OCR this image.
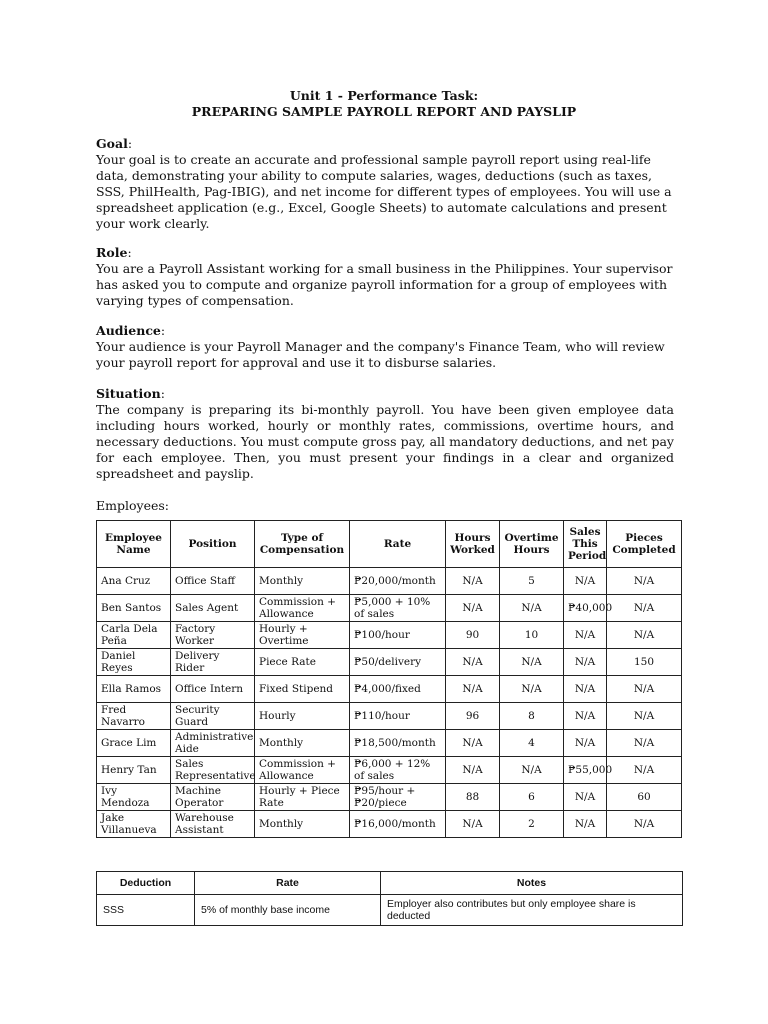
Unit 1 - Performance Task:
PREPARING SAMPLE PAYROLL REPORT AND PAYSLIP
Goal:

Your goal is to create an accurate and professional sample payroll report using real-life data, demonstrating your ability to compute salaries, wages, deductions (such as taxes, SSS, PhilHealth, Pag-IBIG), and net income for different types of employees. You will use a spreadsheet application (e.g., Excel, Google Sheets) to automate calculations and present your work clearly.

Role:

You are a Payroll Assistant working for a small business in the Philippines. Your supervisor has asked you to compute and organize payroll information for a group of employees with varying types of compensation.

Audience:

Your audience is your Payroll Manager and the company's Finance Team, who will review your payroll report for approval and use it to disburse salaries.

Situation:

The company is preparing its bi-monthly payroll. You have been given employee data including hours worked, hourly or monthly rates, commissions, overtime hours, and necessary deductions. You must compute gross pay, all mandatory deductions, and net pay for each employee. Then, you must present your findings in a clear and organized spreadsheet and payslip.

Employees:
Employee Name	Position	Type of Compensation	Rate	Hours Worked	Overtime Hours	Sales This Period	Pieces Completed
Ana Cruz	Office Staff	Monthly	₱20,000/month	N/A	5	N/A	N/A
Ben Santos	Sales Agent	Commission + Allowance	₱5,000 + 10% of sales	N/A	N/A	₱40,000	N/A
Carla Dela Peña	Factory Worker	Hourly + Overtime	₱100/hour	90	10	N/A	N/A
Daniel Reyes	Delivery Rider	Piece Rate	₱50/delivery	N/A	N/A	N/A	150
Ella Ramos	Office Intern	Fixed Stipend	₱4,000/fixed	N/A	N/A	N/A	N/A
Fred Navarro	Security Guard	Hourly	₱110/hour	96	8	N/A	N/A
Grace Lim	Administrative Aide	Monthly	₱18,500/month	N/A	4	N/A	N/A
Henry Tan	Sales Representative	Commission + Allowance	₱6,000 + 12% of sales	N/A	N/A	₱55,000	N/A
Ivy Mendoza	Machine Operator	Hourly + Piece Rate	₱95/hour + ₱20/piece	88	6	N/A	60
Jake Villanueva	Warehouse Assistant	Monthly	₱16,000/month	N/A	2	N/A	N/A
Deduction	Rate	Notes
SSS	5% of monthly base income	Employer also contributes but only employee share is deducted
